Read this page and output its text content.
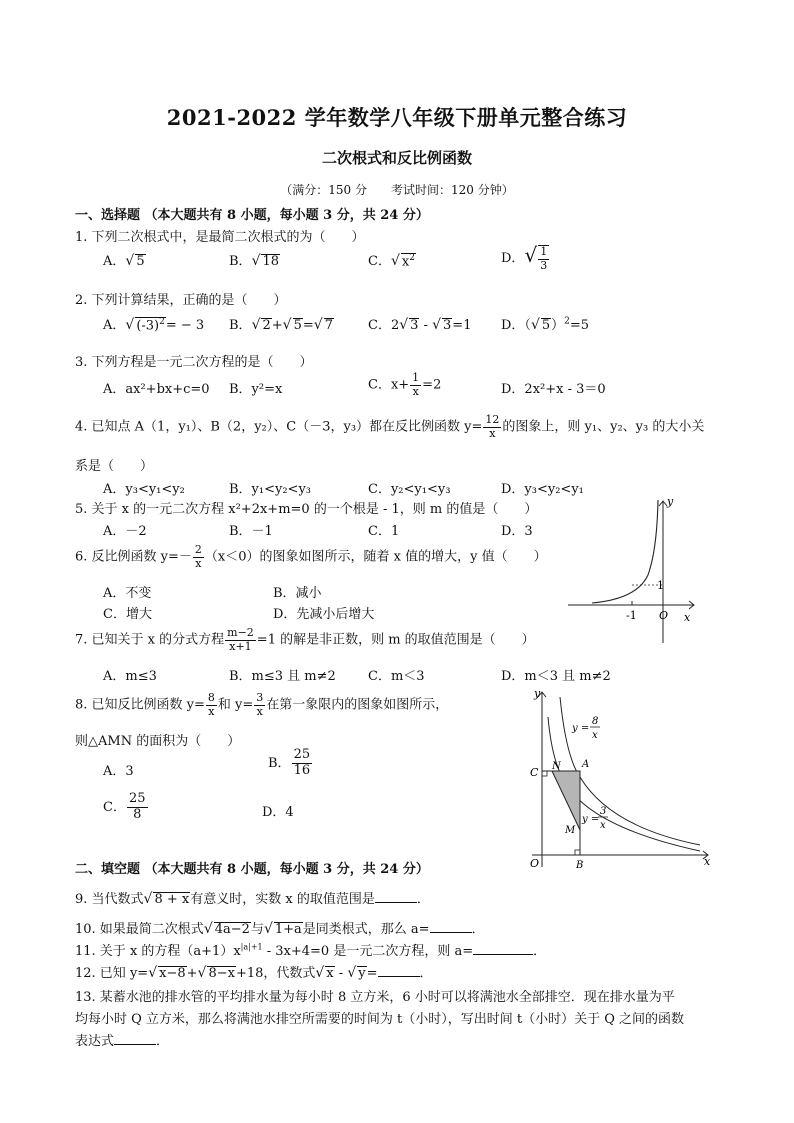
2021-2022 学年数学八年级下册单元整合练习
二次根式和反比例函数
（满分：150 分　　考试时间：120 分钟）
一、选择题 （本大题共有 8 小题，每小题 3 分，共 24 分）
1. 下列二次根式中，是最简二次根式的为（　　）
A．√ 5	B．√ 18	C．√ $x^2$	D．√ $\frac{1}{3}$
2. 下列计算结果，正确的是（　　）
A．√ $(-3)^2= - 3$ B．√ 2+√ 5=√ 7	C．2√ 3 - √ 3=1 D．（√ 5）$^2$=5
3. 下列方程是一元二次方程的是（　　）
A．ax²+bx+c=0 B．y²=x	C．$x+ \frac{1}{x} =2$	D．2x²+x - 3＝0
4. 已知点 A（1，y₁）、B（2，y₂）、C（－3，y₃）都在反比例函数 $y= \frac{12}{x}$ 的图象上，则 y₁、y₂、y₃ 的大小关
系是（　　）
A．y₃<y₁<y₂	B．y₁<y₂<y₃	C．y₂<y₁<y₃	D．y₃<y₂<y₁
5. 关于 x 的一元二次方程 x²+2x+m=0 的一个根是 - 1，则 m 的值是（　　）
A．－2	B．－1	C．1	D．3
6. 反比例函数 $y=- \frac{2}{x} (x<0)$的图象如图所示，随着 x 值的增大，y 值（　　）
A．不变	B．减小
C．增大	D．先减小后增大
y
x
O
-1
1
7. 已知关于 x 的分式方程 $\frac{m-2}{x+1} =1$ 的解是非正数，则 m 的取值范围是（　　）
A．m≤3	B．m≤3 且 m≠2 C．m＜3	D．m＜3 且 m≠2
8. 已知反比例函数 $y= \frac{8}{x}$ 和 $y= \frac{3}{x}$ 在第一象限内的图象如图所示，
则△AMN 的面积为（　　）
A．3
B． $\frac{25}{16}$
C． $\frac{25}{8}$	D．4
y
x
O
C N A
M
B
y =
8
x
y =
3
x
二、填空题 （本大题共有 8 小题，每小题 3 分，共 24 分）
9. 当代数式√ 8 + x有意义时，实数 x 的取值范围是	．
10. 如果最简二次根式√ 4a−2与√ 1+a是同类根式，那么 a=	．
11. 关于 x 的方程$(a+1)x^{|a|+1} - 3x+4=0$ 是一元二次方程，则 a=	．
12. 已知 y=√ x−8+√ 8−x+18，代数式√ x - √ y=	．
13. 某蓄水池的排水管的平均排水量为每小时 8 立方米，6 小时可以将满池水全部排空．现在排水量为平
均每小时 Q 立方米，那么将满池水排空所需要的时间为 t（小时），写出时间 t（小时）关于 Q 之间的函数
表达式	．
